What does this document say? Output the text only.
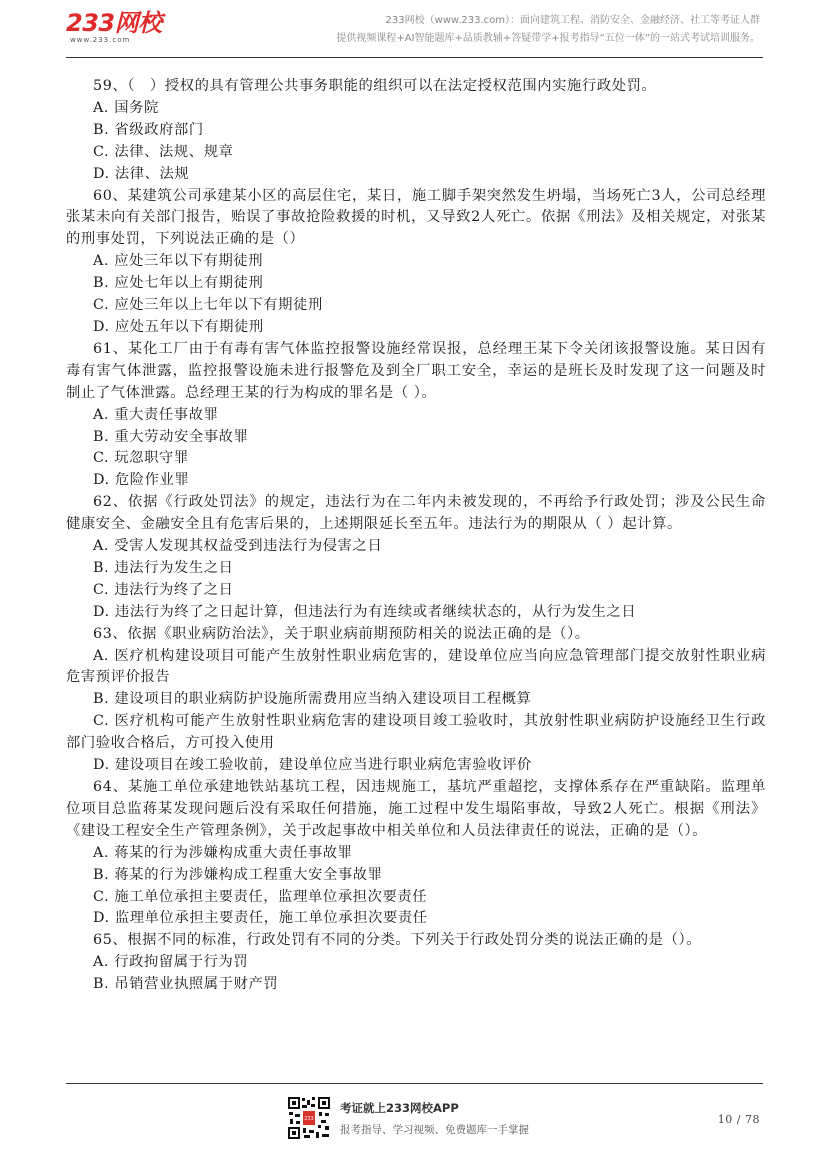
233网校
www.233.com
233网校（www.233.com）：面向建筑工程、消防安全、金融经济、社工等考证人群
提供视频课程+AI智能题库+品质教辅+答疑带学+报考指导“五位一体”的一站式考试培训服务。

59、（　）授权的具有管理公共事务职能的组织可以在法定授权范围内实施行政处罚。

A. 国务院

B. 省级政府部门

C. 法律、法规、规章

D. 法律、法规

60、某建筑公司承建某小区的高层住宅，某日，施工脚手架突然发生坍塌，当场死亡3人，公司总经理张某未向有关部门报告，贻误了事故抢险救援的时机，又导致2人死亡。依据《刑法》及相关规定，对张某的刑事处罚，下列说法正确的是（）

A. 应处三年以下有期徒刑

B. 应处七年以上有期徒刑

C. 应处三年以上七年以下有期徒刑

D. 应处五年以下有期徒刑

61、某化工厂由于有毒有害气体监控报警设施经常误报，总经理王某下令关闭该报警设施。某日因有毒有害气体泄露，监控报警设施未进行报警危及到全厂职工安全，幸运的是班长及时发现了这一问题及时制止了气体泄露。总经理王某的行为构成的罪名是（ ）。

A. 重大责任事故罪

B. 重大劳动安全事故罪

C. 玩忽职守罪

D. 危险作业罪

62、依据《行政处罚法》的规定，违法行为在二年内未被发现的，不再给予行政处罚；涉及公民生命健康安全、金融安全且有危害后果的，上述期限延长至五年。违法行为的期限从（ ）起计算。

A. 受害人发现其权益受到违法行为侵害之日

B. 违法行为发生之日

C. 违法行为终了之日

D. 违法行为终了之日起计算，但违法行为有连续或者继续状态的，从行为发生之日

63、依据《职业病防治法》，关于职业病前期预防相关的说法正确的是（）。

A. 医疗机构建设项目可能产生放射性职业病危害的，建设单位应当向应急管理部门提交放射性职业病危害预评价报告

B. 建设项目的职业病防护设施所需费用应当纳入建设项目工程概算

C. 医疗机构可能产生放射性职业病危害的建设项目竣工验收时，其放射性职业病防护设施经卫生行政部门验收合格后，方可投入使用

D. 建设项目在竣工验收前，建设单位应当进行职业病危害验收评价

64、某施工单位承建地铁站基坑工程，因违规施工，基坑严重超挖，支撑体系存在严重缺陷。监理单位项目总监蒋某发现问题后没有采取任何措施，施工过程中发生塌陷事故，导致2人死亡。根据《刑法》《建设工程安全生产管理条例》，关于改起事故中相关单位和人员法律责任的说法，正确的是（）。

A. 蒋某的行为涉嫌构成重大责任事故罪

B. 蒋某的行为涉嫌构成工程重大安全事故罪

C. 施工单位承担主要责任，监理单位承担次要责任

D. 监理单位承担主要责任，施工单位承担次要责任

65、根据不同的标准，行政处罚有不同的分类。下列关于行政处罚分类的说法正确的是（）。

A. 行政拘留属于行为罚

B. 吊销营业执照属于财产罚

233
考证就上233网校APP
报考指导、学习视频、免费题库一手掌握
10 / 78
